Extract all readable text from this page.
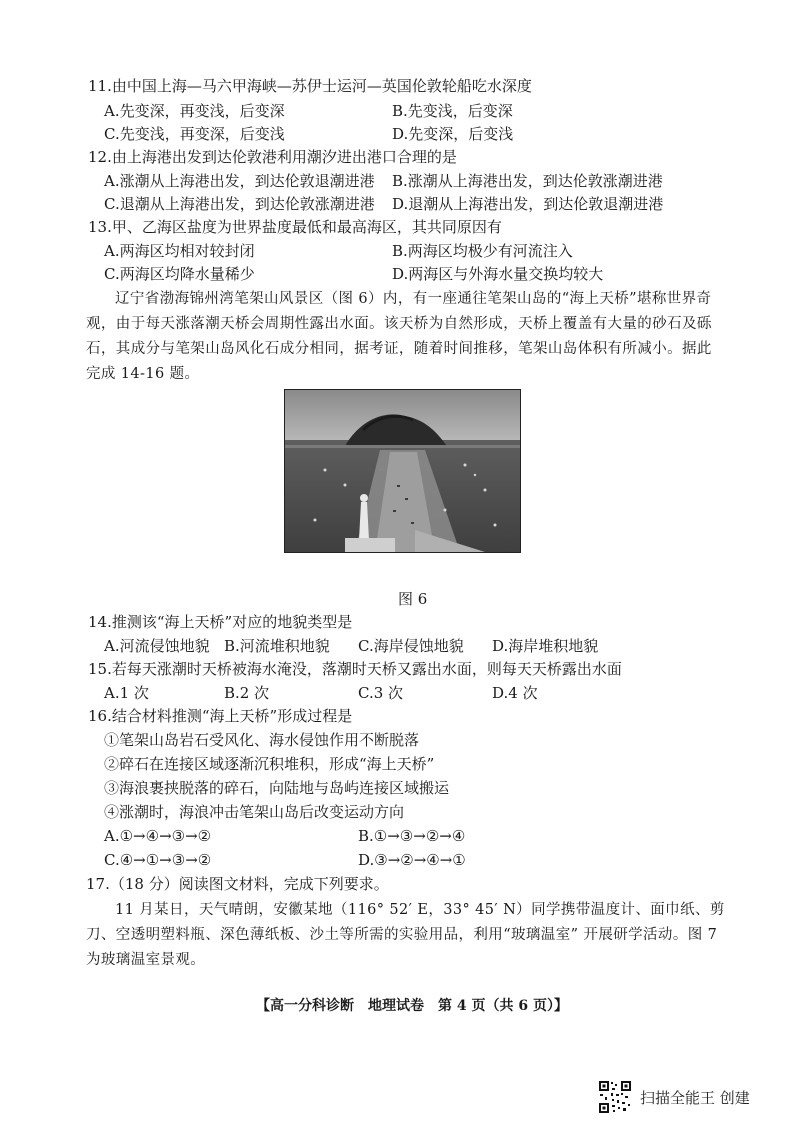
11.由中国上海—马六甲海峡—苏伊士运河—英国伦敦轮船吃水深度
A.先变深，再变浅，后变深	B.先变浅，后变深
C.先变浅，再变深，后变浅	D.先变深，后变浅
12.由上海港出发到达伦敦港利用潮汐进出港口合理的是
A.涨潮从上海港出发，到达伦敦退潮进港 B.涨潮从上海港出发，到达伦敦涨潮进港
C.退潮从上海港出发，到达伦敦涨潮进港 D.退潮从上海港出发，到达伦敦退潮进港
13.甲、乙海区盐度为世界盐度最低和最高海区，其共同原因有
A.两海区均相对较封闭	B.两海区均极少有河流注入
C.两海区均降水量稀少	D.两海区与外海水量交换均较大
辽宁省渤海锦州湾笔架山风景区（图 6）内，有一座通往笔架山岛的“海上天桥”堪称世界奇观，由于每天涨落潮天桥会周期性露出水面。该天桥为自然形成，天桥上覆盖有大量的砂石及砾石，其成分与笔架山岛风化石成分相同，据考证，随着时间推移，笔架山岛体积有所减小。据此完成 14-16 题。
图 6
14.推测该“海上天桥”对应的地貌类型是
A.河流侵蚀地貌 B.河流堆积地貌 C.海岸侵蚀地貌 D.海岸堆积地貌
15.若每天涨潮时天桥被海水淹没，落潮时天桥又露出水面，则每天天桥露出水面
A.1 次	B.2 次	C.3 次	D.4 次
16.结合材料推测“海上天桥”形成过程是
①笔架山岛岩石受风化、海水侵蚀作用不断脱落
②碎石在连接区域逐渐沉积堆积，形成“海上天桥”
③海浪裹挟脱落的碎石，向陆地与岛屿连接区域搬运
④涨潮时，海浪冲击笔架山岛后改变运动方向
A.①→④→③→②	B.①→③→②→④
C.④→①→③→②	D.③→②→④→①
17.（18 分）阅读图文材料，完成下列要求。
11 月某日，天气晴朗，安徽某地（116° 52′ E，33° 45′ N）同学携带温度计、面巾纸、剪刀、空透明塑料瓶、深色薄纸板、沙土等所需的实验用品，利用“玻璃温室” 开展研学活动。图 7 为玻璃温室景观。
【高一分科诊断　地理试卷　第 4 页（共 6 页）】
扫描全能王 创建
